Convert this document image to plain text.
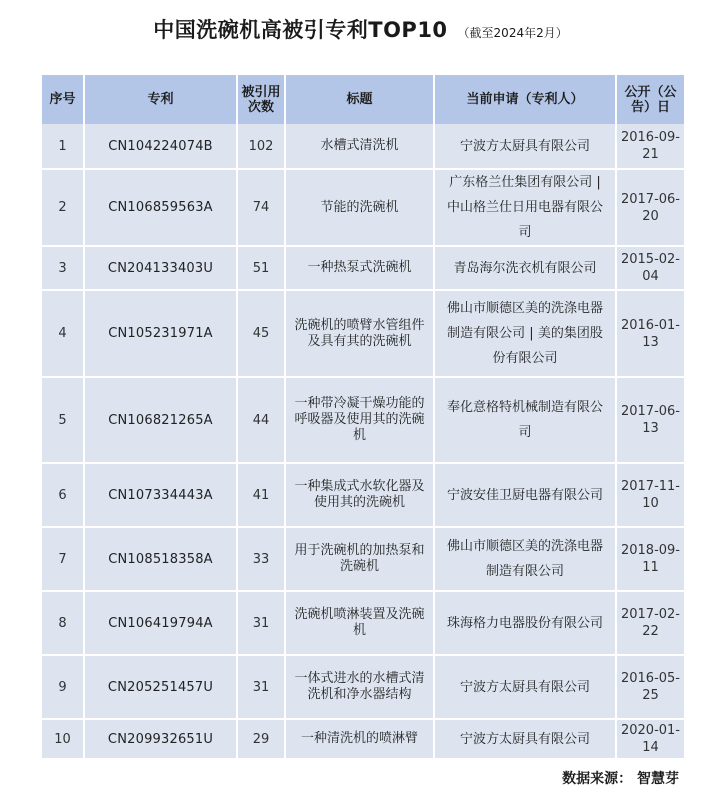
中国洗碗机高被引专利TOP10 （截至2024年2月）
序号	专利	被引用次数	标题	当前申请（专利人）	公开（公告）日
1	CN104224074B	102	水槽式清洗机	宁波方太厨具有限公司	2016-09-21
2	CN106859563A	74	节能的洗碗机	广东格兰仕集团有限公司 | 中山格兰仕日用电器有限公司	2017-06-20
3	CN204133403U	51	一种热泵式洗碗机	青岛海尔洗衣机有限公司	2015-02-04
4	CN105231971A	45	洗碗机的喷臂水管组件及具有其的洗碗机	佛山市顺德区美的洗涤电器制造有限公司 | 美的集团股份有限公司	2016-01-13
5	CN106821265A	44	一种带冷凝干燥功能的呼吸器及使用其的洗碗机	奉化意格特机械制造有限公司	2017-06-13
6	CN107334443A	41	一种集成式水软化器及使用其的洗碗机	宁波安佳卫厨电器有限公司	2017-11-10
7	CN108518358A	33	用于洗碗机的加热泵和洗碗机	佛山市顺德区美的洗涤电器制造有限公司	2018-09-11
8	CN106419794A	31	洗碗机喷淋装置及洗碗机	珠海格力电器股份有限公司	2017-02-22
9	CN205251457U	31	一体式进水的水槽式清洗机和净水器结构	宁波方太厨具有限公司	2016-05-25
10	CN209932651U	29	一种清洗机的喷淋臂	宁波方太厨具有限公司	2020-01-14
数据来源： 智慧芽
